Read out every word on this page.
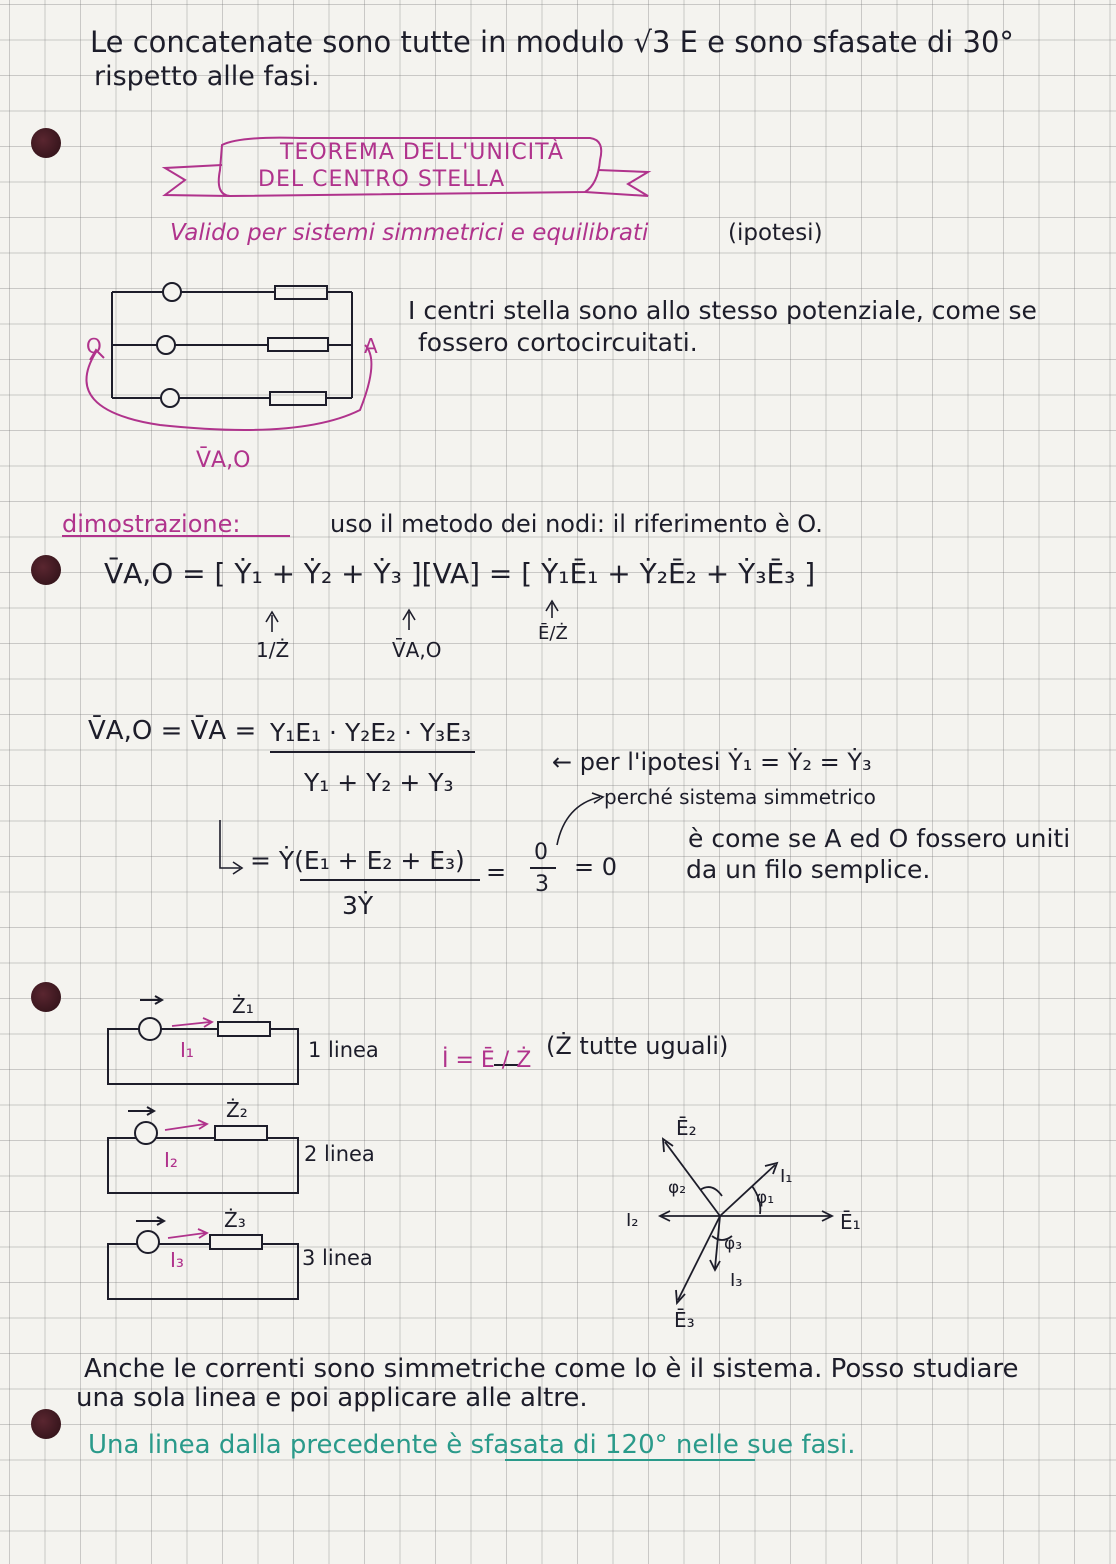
Le concatenate sono tutte in modulo √3 E e sono sfasate di 30°
rispetto alle fasi.
TEOREMA DELL'UNICITÀ
DEL CENTRO STELLA
Valido per sistemi simmetrici e equilibrati	(ipotesi)
I centri stella sono allo stesso potenziale, come se
fossero cortocircuitati.
O	A
V̄A,O
dimostrazione:	uso il metodo dei nodi: il riferimento è O.
V̄A,O = [ Ẏ₁ + Ẏ₂ + Ẏ₃ ][VA] = [ Ẏ₁Ē₁ + Ẏ₂Ē₂ + Ẏ₃Ē₃ ]
1/Ż	V̄A,O
Ē/Ż
V̄A,O = V̄A = Y₁E₁ · Y₂E₂ · Y₃E₃
Y₁ + Y₂ + Y₃
← per l'ipotesi Ẏ₁ = Ẏ₂ = Ẏ₃
perché sistema simmetrico
= Ẏ(E₁ + E₂ + E₃)
3Ẏ
=
0
3
= 0
è come se A ed O fossero uniti
da un filo semplice.
Ż₁
Ż₂
Ż₃
I₁
I₂
I₃
1 linea
2 linea
3 linea
İ = Ē / Ż
(Ż tutte uguali)
Ē₂
Ē₁
Ē₃
I₁
I₂
I₃
φ₁
φ₂
φ₃
Anche le correnti sono simmetriche come lo è il sistema. Posso studiare
una sola linea e poi applicare alle altre.
Una linea dalla precedente è sfasata di 120° nelle sue fasi.
